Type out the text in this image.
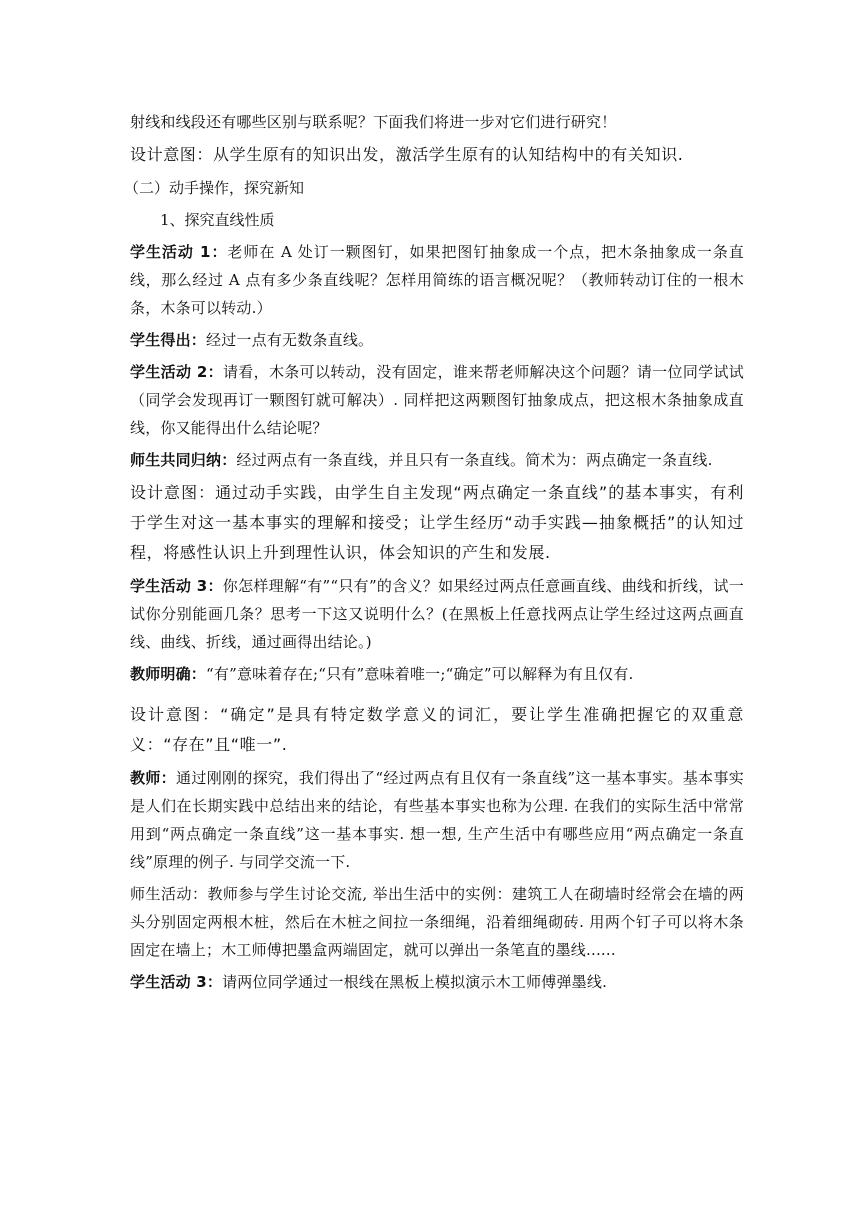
射线和线段还有哪些区别与联系呢？下面我们将进一步对它们进行研究！

设计意图：从学生原有的知识出发，激活学生原有的认知结构中的有关知识.

（二）动手操作，探究新知

1、探究直线性质

学生活动 1：老师在 A 处订一颗图钉，如果把图钉抽象成一个点，把木条抽象成一条直线，那么经过 A 点有多少条直线呢？怎样用简练的语言概况呢？（教师转动订住的一根木条，木条可以转动.）

学生得出：经过一点有无数条直线。

学生活动 2：请看，木条可以转动，没有固定，谁来帮老师解决这个问题？请一位同学试试（同学会发现再订一颗图钉就可解决）. 同样把这两颗图钉抽象成点，把这根木条抽象成直线，你又能得出什么结论呢？

师生共同归纳：经过两点有一条直线，并且只有一条直线。简术为：两点确定一条直线.

设计意图：通过动手实践，由学生自主发现“两点确定一条直线”的基本事实，有利于学生对这一基本事实的理解和接受；让学生经历“动手实践—抽象概括”的认知过程，将感性认识上升到理性认识，体会知识的产生和发展.

学生活动 3：你怎样理解“有”“只有”的含义？如果经过两点任意画直线、曲线和折线，试一试你分别能画几条？思考一下这又说明什么？(在黑板上任意找两点让学生经过这两点画直线、曲线、折线，通过画得出结论。)

教师明确：“有”意味着存在;“只有”意味着唯一;“确定”可以解释为有且仅有.

设计意图：“确定”是具有特定数学意义的词汇，要让学生准确把握它的双重意义：“存在”且“唯一”.

教师：通过刚刚的探究，我们得出了“经过两点有且仅有一条直线”这一基本事实。基本事实是人们在长期实践中总结出来的结论，有些基本事实也称为公理. 在我们的实际生活中常常用到“两点确定一条直线”这一基本事实. 想一想, 生产生活中有哪些应用“两点确定一条直线”原理的例子. 与同学交流一下.

师生活动：教师参与学生讨论交流, 举出生活中的实例：建筑工人在砌墙时经常会在墙的两头分别固定两根木桩，然后在木桩之间拉一条细绳，沿着细绳砌砖. 用两个钉子可以将木条固定在墙上；木工师傅把墨盒两端固定，就可以弹出一条笔直的墨线......

学生活动 3：请两位同学通过一根线在黑板上模拟演示木工师傅弹墨线.
